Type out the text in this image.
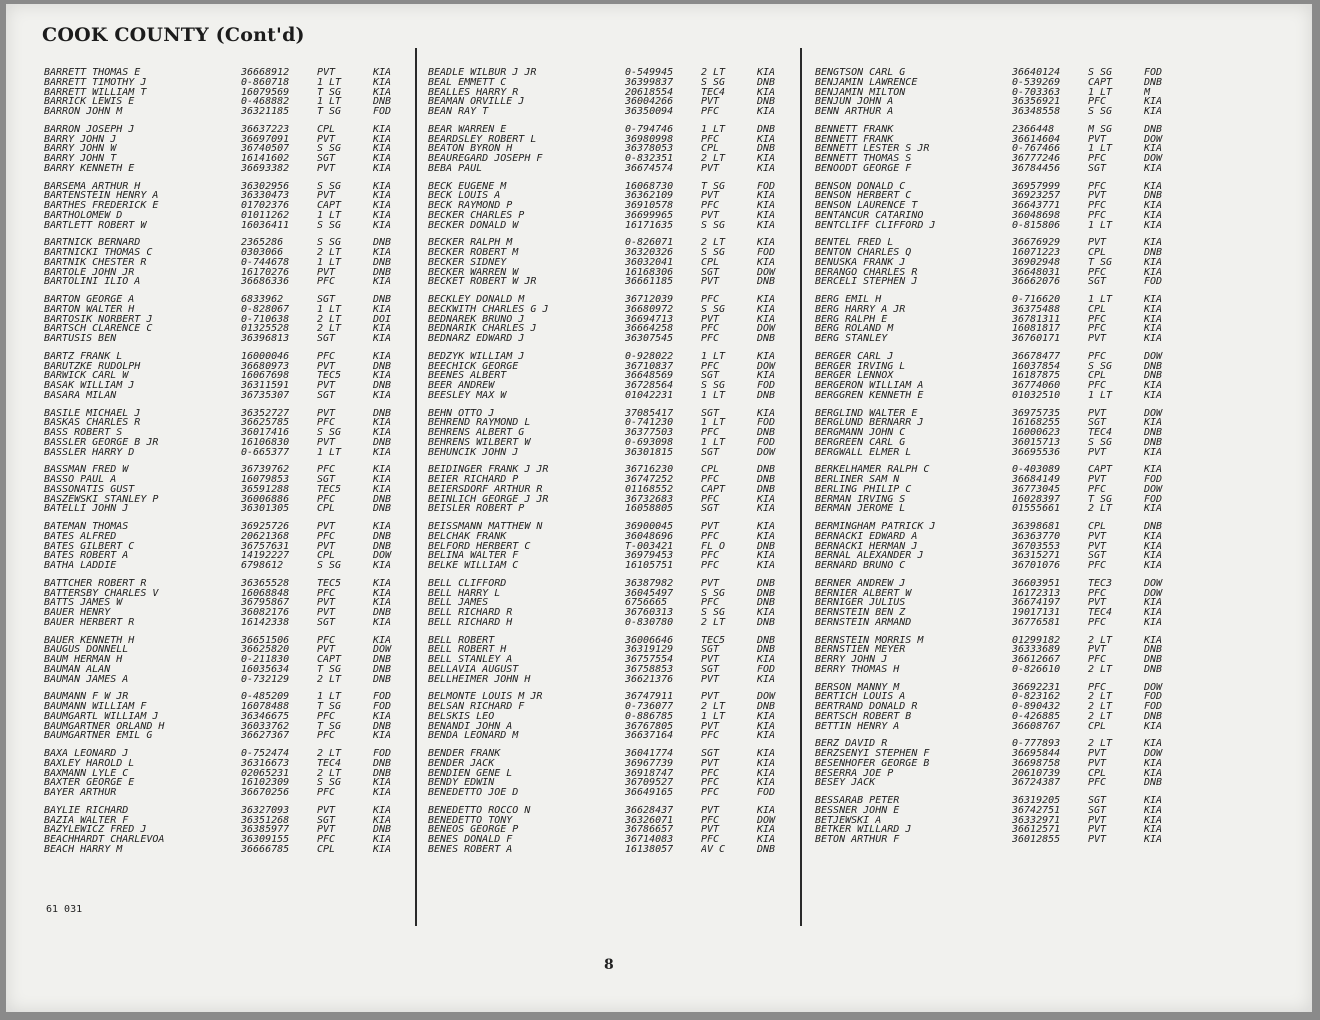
COOK COUNTY (Cont'd)
BARRETT THOMAS E	36668912	PVT	KIA
BARRETT TIMOTHY J	0-860718	1 LT	KIA
BARRETT WILLIAM T	16079569	T SG	KIA
BARRICK LEWIS E	0-468882	1 LT	DNB
BARRON JOHN M	36321185	T SG	FOD
BARRON JOSEPH J	36637223	CPL	KIA
BARRY JOHN J	36697091	PVT	KIA
BARRY JOHN W	36740507	S SG	KIA
BARRY JOHN T	16141602	SGT	KIA
BARRY KENNETH E	36693382	PVT	KIA
BARSEMA ARTHUR H	36302956	S SG	KIA
BARTENSTEIN HENRY A	36330473	PVT	KIA
BARTHES FREDERICK E	01702376	CAPT	KIA
BARTHOLOMEW D	01011262	1 LT	KIA
BARTLETT ROBERT W	16036411	S SG	KIA
BARTNICK BERNARD	2365286	S SG	DNB
BARTNICKI THOMAS C	0303066	2 LT	KIA
BARTNIK CHESTER R	0-744678	1 LT	DNB
BARTOLE JOHN JR	16170276	PVT	DNB
BARTOLINI ILIO A	36686336	PFC	KIA
BARTON GEORGE A	6833962	SGT	DNB
BARTON WALTER H	0-828067	1 LT	KIA
BARTOSIK NORBERT J	0-710638	2 LT	DOI
BARTSCH CLARENCE C	01325528	2 LT	KIA
BARTUSIS BEN	36396813	SGT	KIA
BARTZ FRANK L	16000046	PFC	KIA
BARUTZKE RUDOLPH	36680973	PVT	DNB
BARWICK CARL W	16067698	TEC5	KIA
BASAK WILLIAM J	36311591	PVT	DNB
BASARA MILAN	36735307	SGT	KIA
BASILE MICHAEL J	36352727	PVT	DNB
BASKAS CHARLES R	36625785	PFC	KIA
BASS ROBERT S	36017416	S SG	KIA
BASSLER GEORGE B JR	16106830	PVT	DNB
BASSLER HARRY D	0-665377	1 LT	KIA
BASSMAN FRED W	36739762	PFC	KIA
BASSO PAUL A	16079853	SGT	KIA
BASSONATIS GUST	36591288	TEC5	KIA
BASZEWSKI STANLEY P	36006886	PFC	DNB
BATELLI JOHN J	36301305	CPL	DNB
BATEMAN THOMAS	36925726	PVT	KIA
BATES ALFRED	20621368	PFC	DNB
BATES GILBERT C	36757631	PVT	DNB
BATES ROBERT A	14192227	CPL	DOW
BATHA LADDIE	6798612	S SG	KIA
BATTCHER ROBERT R	36365528	TEC5	KIA
BATTERSBY CHARLES V	16068848	PFC	KIA
BATTS JAMES W	36795867	PVT	KIA
BAUER HENRY	36082176	PVT	DNB
BAUER HERBERT R	16142338	SGT	KIA
BAUER KENNETH H	36651506	PFC	KIA
BAUGUS DONNELL	36625820	PVT	DOW
BAUM HERMAN H	0-211830	CAPT	DNB
BAUMAN ALAN	16035634	T SG	DNB
BAUMAN JAMES A	0-732129	2 LT	DNB
BAUMANN F W JR	0-485209	1 LT	FOD
BAUMANN WILLIAM F	16078488	T SG	FOD
BAUMGARTL WILLIAM J	36346675	PFC	KIA
BAUMGARTNER ORLAND H	36033762	T SG	DNB
BAUMGARTNER EMIL G	36627367	PFC	KIA
BAXA LEONARD J	0-752474	2 LT	FOD
BAXLEY HAROLD L	36316673	TEC4	DNB
BAXMANN LYLE C	02065231	2 LT	DNB
BAXTER GEORGE E	16102309	S SG	KIA
BAYER ARTHUR	36670256	PFC	KIA
BAYLIE RICHARD	36327093	PVT	KIA
BAZIA WALTER F	36351268	SGT	KIA
BAZYLEWICZ FRED J	36385977	PVT	DNB
BEACHHARDT CHARLEVOA	36309155	PFC	KIA
BEACH HARRY M	36666785	CPL	KIA
BEADLE WILBUR J JR	0-549945	2 LT	KIA
BEAL EMMETT C	36399837	S SG	DNB
BEALLES HARRY R	20618554	TEC4	KIA
BEAMAN ORVILLE J	36004266	PVT	DNB
BEAN RAY T	36350094	PFC	KIA
BEAR WARREN E	0-794746	1 LT	DNB
BEARDSLEY ROBERT L	36980998	PFC	KIA
BEATON BYRON H	36378053	CPL	DNB
BEAUREGARD JOSEPH F	0-832351	2 LT	KIA
BEBA PAUL	36674574	PVT	KIA
BECK EUGENE M	16068730	T SG	FOD
BECK LOUIS A	36362109	PVT	KIA
BECK RAYMOND P	36910578	PFC	KIA
BECKER CHARLES P	36699965	PVT	KIA
BECKER DONALD W	16171635	S SG	KIA
BECKER RALPH M	0-826071	2 LT	KIA
BECKER ROBERT M	36320326	S SG	FOD
BECKER SIDNEY	36032041	CPL	KIA
BECKER WARREN W	16168306	SGT	DOW
BECKET ROBERT W JR	36661185	PVT	DNB
BECKLEY DONALD M	36712039	PFC	KIA
BECKWITH CHARLES G J	36680972	S SG	KIA
BEDNAREK BRUNO J	36694713	PVT	KIA
BEDNARIK CHARLES J	36664258	PFC	DOW
BEDNARZ EDWARD J	36307545	PFC	DNB
BEDZYK WILLIAM J	0-928022	1 LT	KIA
BEECHICK GEORGE	36710837	PFC	DOW
BEENES ALBERT	36648569	SGT	KIA
BEER ANDREW	36728564	S SG	FOD
BEESLEY MAX W	01042231	1 LT	DNB
BEHN OTTO J	37085417	SGT	KIA
BEHREND RAYMOND L	0-741230	1 LT	FOD
BEHRENS ALBERT G	36377503	PFC	DNB
BEHRENS WILBERT W	0-693098	1 LT	FOD
BEHUNCIK JOHN J	36301815	SGT	DOW
BEIDINGER FRANK J JR	36716230	CPL	DNB
BEIER RICHARD P	36747252	PFC	DNB
BEIERSDORF ARTHUR R	01168552	CAPT	DNB
BEINLICH GEORGE J JR	36732683	PFC	KIA
BEISLER ROBERT P	16058805	SGT	KIA
BEISSMANN MATTHEW N	36900045	PVT	KIA
BELCHAK FRANK	36048696	PFC	KIA
BELFORD HERBERT C	T-003421	FL O	DNB
BELINA WALTER F	36979453	PFC	KIA
BELKE WILLIAM C	16105751	PFC	KIA
BELL CLIFFORD	36387982	PVT	DNB
BELL HARRY L	36045497	S SG	DNB
BELL JAMES	6756665	PFC	DNB
BELL RICHARD R	36760313	S SG	KIA
BELL RICHARD H	0-830780	2 LT	DNB
BELL ROBERT	36006646	TEC5	DNB
BELL ROBERT H	36319129	SGT	DNB
BELL STANLEY A	36757554	PVT	KIA
BELLAVIA AUGUST	36758853	SGT	FOD
BELLHEIMER JOHN H	36621376	PVT	KIA
BELMONTE LOUIS M JR	36747911	PVT	DOW
BELSAN RICHARD F	0-736077	2 LT	DNB
BELSKIS LEO	0-886785	1 LT	KIA
BENANDI JOHN A	36767805	PVT	KIA
BENDA LEONARD M	36637164	PFC	KIA
BENDER FRANK	36041774	SGT	KIA
BENDER JACK	36967739	PVT	KIA
BENDIEN GENE L	36918747	PFC	KIA
BENDY EDWIN	36709527	PFC	KIA
BENEDETTO JOE D	36649165	PFC	FOD
BENEDETTO ROCCO N	36628437	PVT	KIA
BENEDETTO TONY	36326071	PFC	DOW
BENEOS GEORGE P	36786657	PVT	KIA
BENES DONALD F	36714083	PFC	KIA
BENES ROBERT A	16138057	AV C	DNB
BENGTSON CARL G	36640124	S SG	FOD
BENJAMIN LAWRENCE	0-539269	CAPT	DNB
BENJAMIN MILTON	0-703363	1 LT	M
BENJUN JOHN A	36356921	PFC	KIA
BENN ARTHUR A	36348558	S SG	KIA
BENNETT FRANK	2366448	M SG	DNB
BENNETT FRANK	36614604	PVT	DOW
BENNETT LESTER S JR	0-767466	1 LT	KIA
BENNETT THOMAS S	36777246	PFC	DOW
BENOODT GEORGE F	36784456	SGT	KIA
BENSON DONALD C	36957999	PFC	KIA
BENSON HERBERT C	36923257	PVT	DNB
BENSON LAURENCE T	36643771	PFC	KIA
BENTANCUR CATARINO	36048698	PFC	KIA
BENTCLIFF CLIFFORD J	0-815806	1 LT	KIA
BENTEL FRED L	36676929	PVT	KIA
BENTON CHARLES Q	16071223	CPL	DNB
BENUSKA FRANK J	36902948	T SG	KIA
BERANGO CHARLES R	36648031	PFC	KIA
BERCELI STEPHEN J	36662076	SGT	FOD
BERG EMIL H	0-716620	1 LT	KIA
BERG HARRY A JR	36375488	CPL	KIA
BERG RALPH E	36781311	PFC	KIA
BERG ROLAND M	16081817	PFC	KIA
BERG STANLEY	36760171	PVT	KIA
BERGER CARL J	36678477	PFC	DOW
BERGER IRVING L	16037854	S SG	DNB
BERGER LENNOX	16187875	CPL	DNB
BERGERON WILLIAM A	36774060	PFC	KIA
BERGGREN KENNETH E	01032510	1 LT	KIA
BERGLIND WALTER E	36975735	PVT	DOW
BERGLUND BERNARR J	16168255	SGT	KIA
BERGMANN JOHN C	16000623	TEC4	DNB
BERGREEN CARL G	36015713	S SG	DNB
BERGWALL ELMER L	36695536	PVT	KIA
BERKELHAMER RALPH C	0-403089	CAPT	KIA
BERLINER SAM N	36684149	PVT	FOD
BERLING PHILIP C	36773045	PFC	DOW
BERMAN IRVING S	16028397	T SG	FOD
BERMAN JEROME L	01555661	2 LT	KIA
BERMINGHAM PATRICK J	36398681	CPL	DNB
BERNACKI EDWARD A	36363770	PVT	KIA
BERNACKI HERMAN J	36703553	PVT	KIA
BERNAL ALEXANDER J	36315271	SGT	KIA
BERNARD BRUNO C	36701076	PFC	KIA
BERNER ANDREW J	36603951	TEC3	DOW
BERNIER ALBERT W	16172313	PFC	DOW
BERNIGER JULIUS	36674197	PVT	KIA
BERNSTEIN BEN Z	19017131	TEC4	KIA
BERNSTEIN ARMAND	36776581	PFC	KIA
BERNSTEIN MORRIS M	01299182	2 LT	KIA
BERNSTIEN MEYER	36333689	PVT	DNB
BERRY JOHN J	36612667	PFC	DNB
BERRY THOMAS H	0-826610	2 LT	DNB
BERSON MANNY M	36692231	PFC	DOW
BERTICH LOUIS A	0-823162	2 LT	FOD
BERTRAND DONALD R	0-890432	2 LT	FOD
BERTSCH ROBERT B	0-426885	2 LT	DNB
BETTIN HENRY A	36608767	CPL	KIA
BERZ DAVID R	0-777893	2 LT	KIA
BERZSENYI STEPHEN F	36695844	PVT	DOW
BESENHOFER GEORGE B	36698758	PVT	KIA
BESERRA JOE P	20610739	CPL	KIA
BESEY JACK	36724387	PFC	DNB
BESSARAB PETER	36319205	SGT	KIA
BESSNER JOHN E	36742751	SGT	KIA
BETJEWSKI A	36332971	PVT	KIA
BETKER WILLARD J	36612571	PVT	KIA
BETON ARTHUR F	36012855	PVT	KIA
61 031
8
